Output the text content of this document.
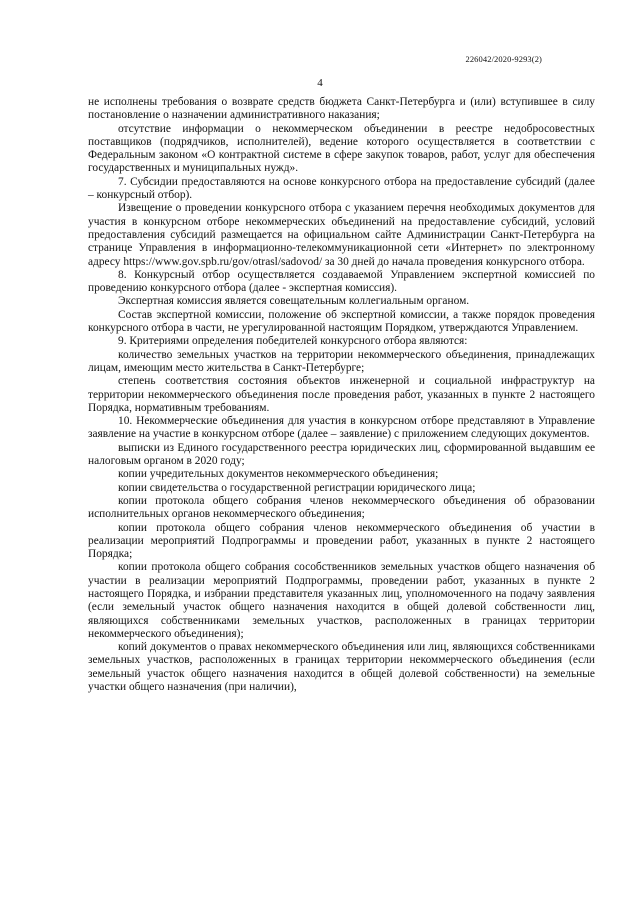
226042/2020-9293(2)
4

не исполнены требования о возврате средств бюджета Санкт-Петербурга и (или) вступившее в силу постановление о назначении административного наказания;

отсутствие информации о некоммерческом объединении в реестре недобросовестных поставщиков (подрядчиков, исполнителей), ведение которого осуществляется в соответствии с Федеральным законом «О контрактной системе в сфере закупок товаров, работ, услуг для обеспечения государственных и муниципальных нужд».

7. Субсидии предоставляются на основе конкурсного отбора на предоставление субсидий (далее – конкурсный отбор).

Извещение о проведении конкурсного отбора с указанием перечня необходимых документов для участия в конкурсном отборе некоммерческих объединений на предоставление субсидий, условий предоставления субсидий размещается на официальном сайте Администрации Санкт-Петербурга на странице Управления в информационно-телекоммуникационной сети «Интернет» по электронному адресу https://www.gov.spb.ru/gov/otrasl/sadovod/ за 30 дней до начала проведения конкурсного отбора.

8. Конкурсный отбор осуществляется создаваемой Управлением экспертной комиссией по проведению конкурсного отбора (далее - экспертная комиссия).

Экспертная комиссия является совещательным коллегиальным органом.

Состав экспертной комиссии, положение об экспертной комиссии, а также порядок проведения конкурсного отбора в части, не урегулированной настоящим Порядком, утверждаются Управлением.

9. Критериями определения победителей конкурсного отбора являются:

количество земельных участков на территории некоммерческого объединения, принадлежащих лицам, имеющим место жительства в Санкт-Петербурге;

степень соответствия состояния объектов инженерной и социальной инфраструктур на территории некоммерческого объединения после проведения работ, указанных в пункте 2 настоящего Порядка, нормативным требованиям.

10. Некоммерческие объединения для участия в конкурсном отборе представляют в Управление заявление на участие в конкурсном отборе (далее – заявление) с приложением следующих документов.

выписки из Единого государственного реестра юридических лиц, сформированной выдавшим ее налоговым органом в 2020 году;

копии учредительных документов некоммерческого объединения;

копии свидетельства о государственной регистрации юридического лица;

копии протокола общего собрания членов некоммерческого объединения об образовании исполнительных органов некоммерческого объединения;

копии протокола общего собрания членов некоммерческого объединения об участии в реализации мероприятий Подпрограммы и проведении работ, указанных в пункте 2 настоящего Порядка;

копии протокола общего собрания сособственников земельных участков общего назначения об участии в реализации мероприятий Подпрограммы, проведении работ, указанных в пункте 2 настоящего Порядка, и избрании представителя указанных лиц, уполномоченного на подачу заявления (если земельный участок общего назначения находится в общей долевой собственности лиц, являющихся собственниками земельных участков, расположенных в границах территории некоммерческого объединения);

копий документов о правах некоммерческого объединения или лиц, являющихся собственниками земельных участков, расположенных в границах территории некоммерческого объединения (если земельный участок общего назначения находится в общей долевой собственности) на земельные участки общего назначения (при наличии),
